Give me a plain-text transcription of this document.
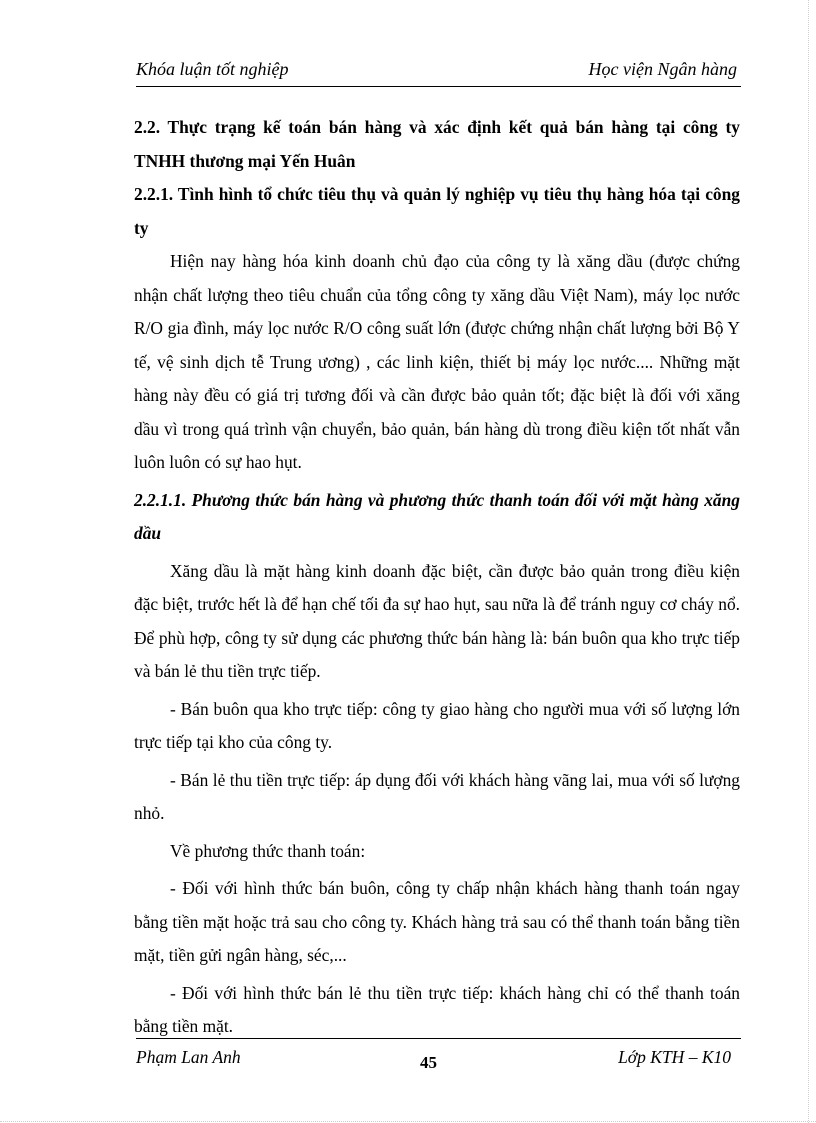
Khóa luận tốt nghiệp	Học viện Ngân hàng

2.2. Thực trạng kế toán bán hàng và xác định kết quả bán hàng tại công ty TNHH thương mại Yến Huân

2.2.1. Tình hình tổ chức tiêu thụ và quản lý nghiệp vụ tiêu thụ hàng hóa tại công ty

Hiện nay hàng hóa kinh doanh chủ đạo của công ty là xăng dầu (được chứng nhận chất lượng theo tiêu chuẩn của tổng công ty xăng dầu Việt Nam), máy lọc nước R/O gia đình, máy lọc nước R/O công suất lớn (được chứng nhận chất lượng bởi Bộ Y tế, vệ sinh dịch tễ Trung ương) , các linh kiện, thiết bị máy lọc nước.... Những mặt hàng này đều có giá trị tương đối và cần được bảo quản tốt; đặc biệt là đối với xăng dầu vì trong quá trình vận chuyển, bảo quản, bán hàng dù trong điều kiện tốt nhất vẫn luôn luôn có sự hao hụt.

2.2.1.1. Phương thức bán hàng và phương thức thanh toán đối với mặt hàng xăng dầu

Xăng dầu là mặt hàng kinh doanh đặc biệt, cần được bảo quản trong điều kiện đặc biệt, trước hết là để hạn chế tối đa sự hao hụt, sau nữa là để tránh nguy cơ cháy nổ. Để phù hợp, công ty sử dụng các phương thức bán hàng là: bán buôn qua kho trực tiếp và bán lẻ thu tiền trực tiếp.

- Bán buôn qua kho trực tiếp: công ty giao hàng cho người mua với số lượng lớn trực tiếp tại kho của công ty.

- Bán lẻ thu tiền trực tiếp: áp dụng đối với khách hàng vãng lai, mua với số lượng nhỏ.

Về phương thức thanh toán:

- Đối với hình thức bán buôn, công ty chấp nhận khách hàng thanh toán ngay bằng tiền mặt hoặc trả sau cho công ty. Khách hàng trả sau có thể thanh toán bằng tiền mặt, tiền gửi ngân hàng, séc,...

- Đối với hình thức bán lẻ thu tiền trực tiếp: khách hàng chỉ có thể thanh toán bằng tiền mặt.

Phạm Lan Anh	45	Lớp KTH – K10
